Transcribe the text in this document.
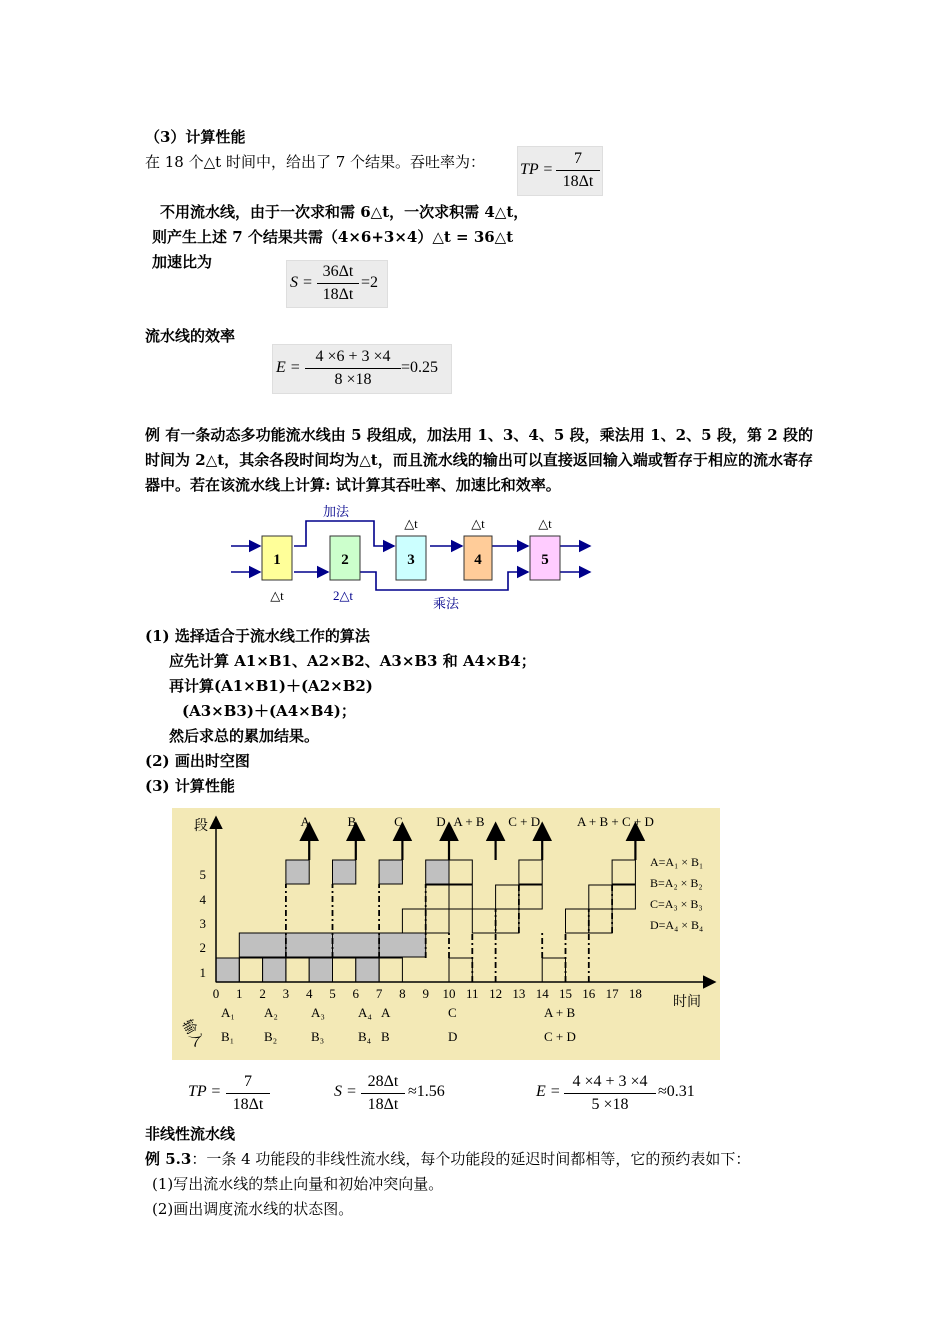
（3）计算性能
在 18 个△t 时间中，给出了 7 个结果。吞吐率为： TP =
7
18Δt
不用流水线，由于一次求和需 6△t，一次求积需 4△t，
则产生上述 7 个结果共需（4×6+3×4）△t = 36△t
加速比为
S =
36Δt
18Δt
=2
流水线的效率
E =
4 ×6 + 3 ×4
8 ×18
=0.25
例 有一条动态多功能流水线由 5 段组成，加法用 1、3、4、5 段，乘法用 1、2、5 段，第 2 段的时间为 2△t，其余各段时间均为△t，而且流水线的输出可以直接返回输入端或暂存于相应的流水寄存器中。若在该流水线上计算: 试计算其吞吐率、加速比和效率。
1
△t
2
2△t
3
△t
4
△t
5
△t
加法
乘法
(1) 选择适合于流水线工作的算法
应先计算 A1×B1、A2×B2、A3×B3 和 A4×B4；
再计算(A1×B1)＋(A2×B2)
(A3×B3)＋(A4×B4)；
然后求总的累加结果。
(2) 画出时空图
(3) 计算性能
段
时间
输入
1
2
3
4
5
0 1 2 3 4 5 6 7 8 9 10 11 12 13 14 15 16 17 18
A	B	C	D A + B C + D	A + B + C + D
A=A₁ × B₁
B=A₂ × B₂
C=A₃ × B₃
D=A₄ × B₄
A₁ A₂	A₃	A₄ A	C	A + B
B₁ B₂	B₃	B₄ B	D	C + D
TP =
7
18Δt
S =
28Δt
18Δt
≈1.56	E =
4 ×4 + 3 ×4
5 ×18
≈0.31
非线性流水线
例 5.3：一条 4 功能段的非线性流水线，每个功能段的延迟时间都相等，它的预约表如下：
(1)写出流水线的禁止向量和初始冲突向量。
(2)画出调度流水线的状态图。
